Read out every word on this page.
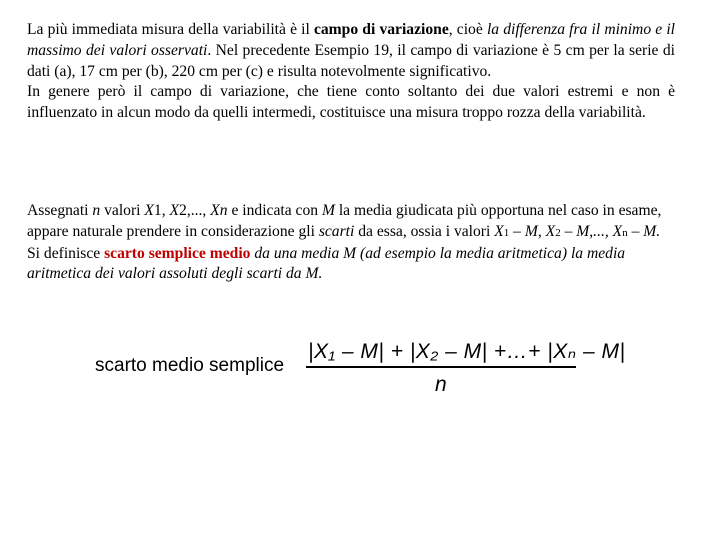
La più immediata misura della variabilità è il campo di variazione, cioè la differenza fra il minimo e il massimo dei valori osservati. Nel precedente Esempio 19, il campo di variazione è 5 cm per la serie di dati (a), 17 cm per (b), 220 cm per (c) e risulta notevolmente significativo.

In genere però il campo di variazione, che tiene conto soltanto dei due valori estremi e non è influenzato in alcun modo da quelli intermedi, costituisce una misura troppo rozza della variabilità.

Assegnati n valori X1, X2,..., Xn e indicata con M la media giudicata più opportuna nel caso in esame, appare naturale prendere in considerazione gli scarti da essa, ossia i valori X1 – M, X2 – M,..., Xn – M.

Si definisce scarto semplice medio da una media M (ad esempio la media aritmetica) la media aritmetica dei valori assoluti degli scarti da M.

scarto medio semplice
|X₁ – M| + |X₂ – M| +…+ |Xₙ – M|
n
